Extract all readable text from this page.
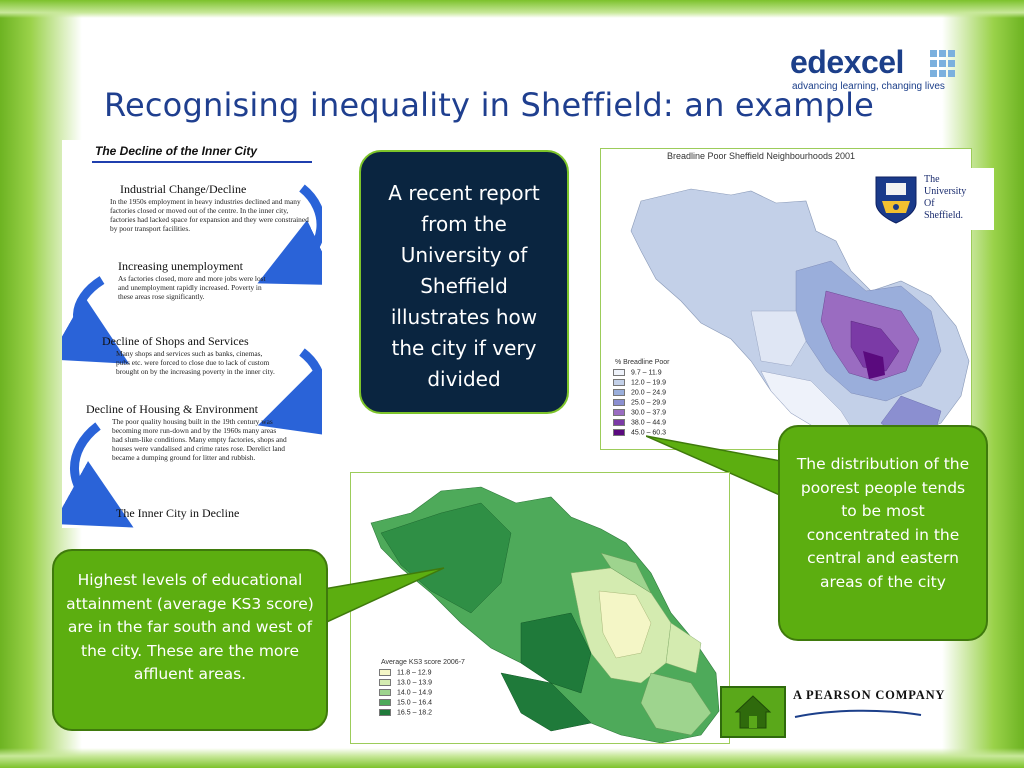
edexcel
advancing learning, changing lives
Recognising inequality in Sheffield: an example
The Decline of the Inner City
Industrial Change/Decline
In the 1950s employment in heavy industries declined and many factories closed or moved out of the centre. In the inner city, factories had lacked space for expansion and they were constrained by poor transport facilities.
Increasing unemployment
As factories closed, more and more jobs were lost and unemployment rapidly increased. Poverty in these areas rose significantly.
Decline of Shops and Services
Many shops and services such as banks, cinemas, pubs etc. were forced to close due to lack of custom brought on by the increasing poverty in the inner city.
Decline of Housing & Environment
The poor quality housing built in the 19th century was becoming more run-down and by the 1960s many areas had slum-like conditions. Many empty factories, shops and houses were vandalised and crime rates rose. Derelict land became a dumping ground for litter and rubbish.
The Inner City in Decline
A recent report from the University of Sheffield illustrates how the city if very divided
Breadline Poor Sheffield Neighbourhoods 2001
% Breadline Poor
9.7 – 11.9
12.0 – 19.9
20.0 – 24.9
25.0 – 29.9
30.0 – 37.9
38.0 – 44.9
45.0 – 60.3
The
University
Of
Sheffield.
The distribution of the poorest people tends to be most concentrated in the central and eastern areas of the city
Average KS3 score 2006-7
11.8 – 12.9
13.0 – 13.9
14.0 – 14.9
15.0 – 16.4
16.5 – 18.2
Highest levels of educational attainment (average KS3 score) are in the far south and west of the city. These are the more affluent areas.
A PEARSON COMPANY
